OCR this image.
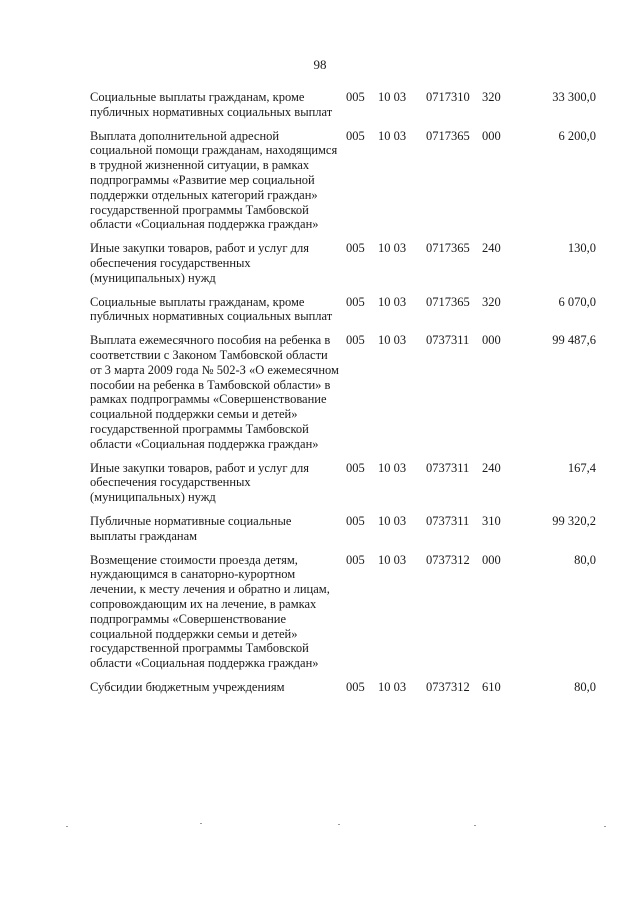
98
Социальные выплаты гражданам, кроме публичных нормативных социальных выплат	005	10 03	0717310	320	33 300,0
Выплата дополнительной адресной социальной помощи гражданам, находящимся в трудной жизненной ситуации, в рамках подпрограммы «Развитие мер социальной поддержки отдельных категорий граждан» государственной программы Тамбовской области «Социальная поддержка граждан»	005	10 03	0717365	000	6 200,0
Иные закупки товаров, работ и услуг для обеспечения государственных (муниципальных) нужд	005	10 03	0717365	240	130,0
Социальные выплаты гражданам, кроме публичных нормативных социальных выплат	005	10 03	0717365	320	6 070,0
Выплата ежемесячного пособия на ребенка в соответствии с Законом Тамбовской области от 3 марта 2009 года № 502-З «О ежемесячном пособии на ребенка в Тамбовской области» в рамках подпрограммы «Совершенствование социальной поддержки семьи и детей» государственной программы Тамбовской области «Социальная поддержка граждан»	005	10 03	0737311	000	99 487,6
Иные закупки товаров, работ и услуг для обеспечения государственных (муниципальных) нужд	005	10 03	0737311	240	167,4
Публичные нормативные социальные выплаты гражданам	005	10 03	0737311	310	99 320,2
Возмещение стоимости проезда детям, нуждающимся в санаторно-курортном лечении, к месту лечения и обратно и лицам, сопровождающим их на лечение, в рамках подпрограммы «Совершенствование социальной поддержки семьи и детей» государственной программы Тамбовской области «Социальная поддержка граждан»	005	10 03	0737312	000	80,0
Субсидии бюджетным учреждениям	005	10 03	0737312	610	80,0
